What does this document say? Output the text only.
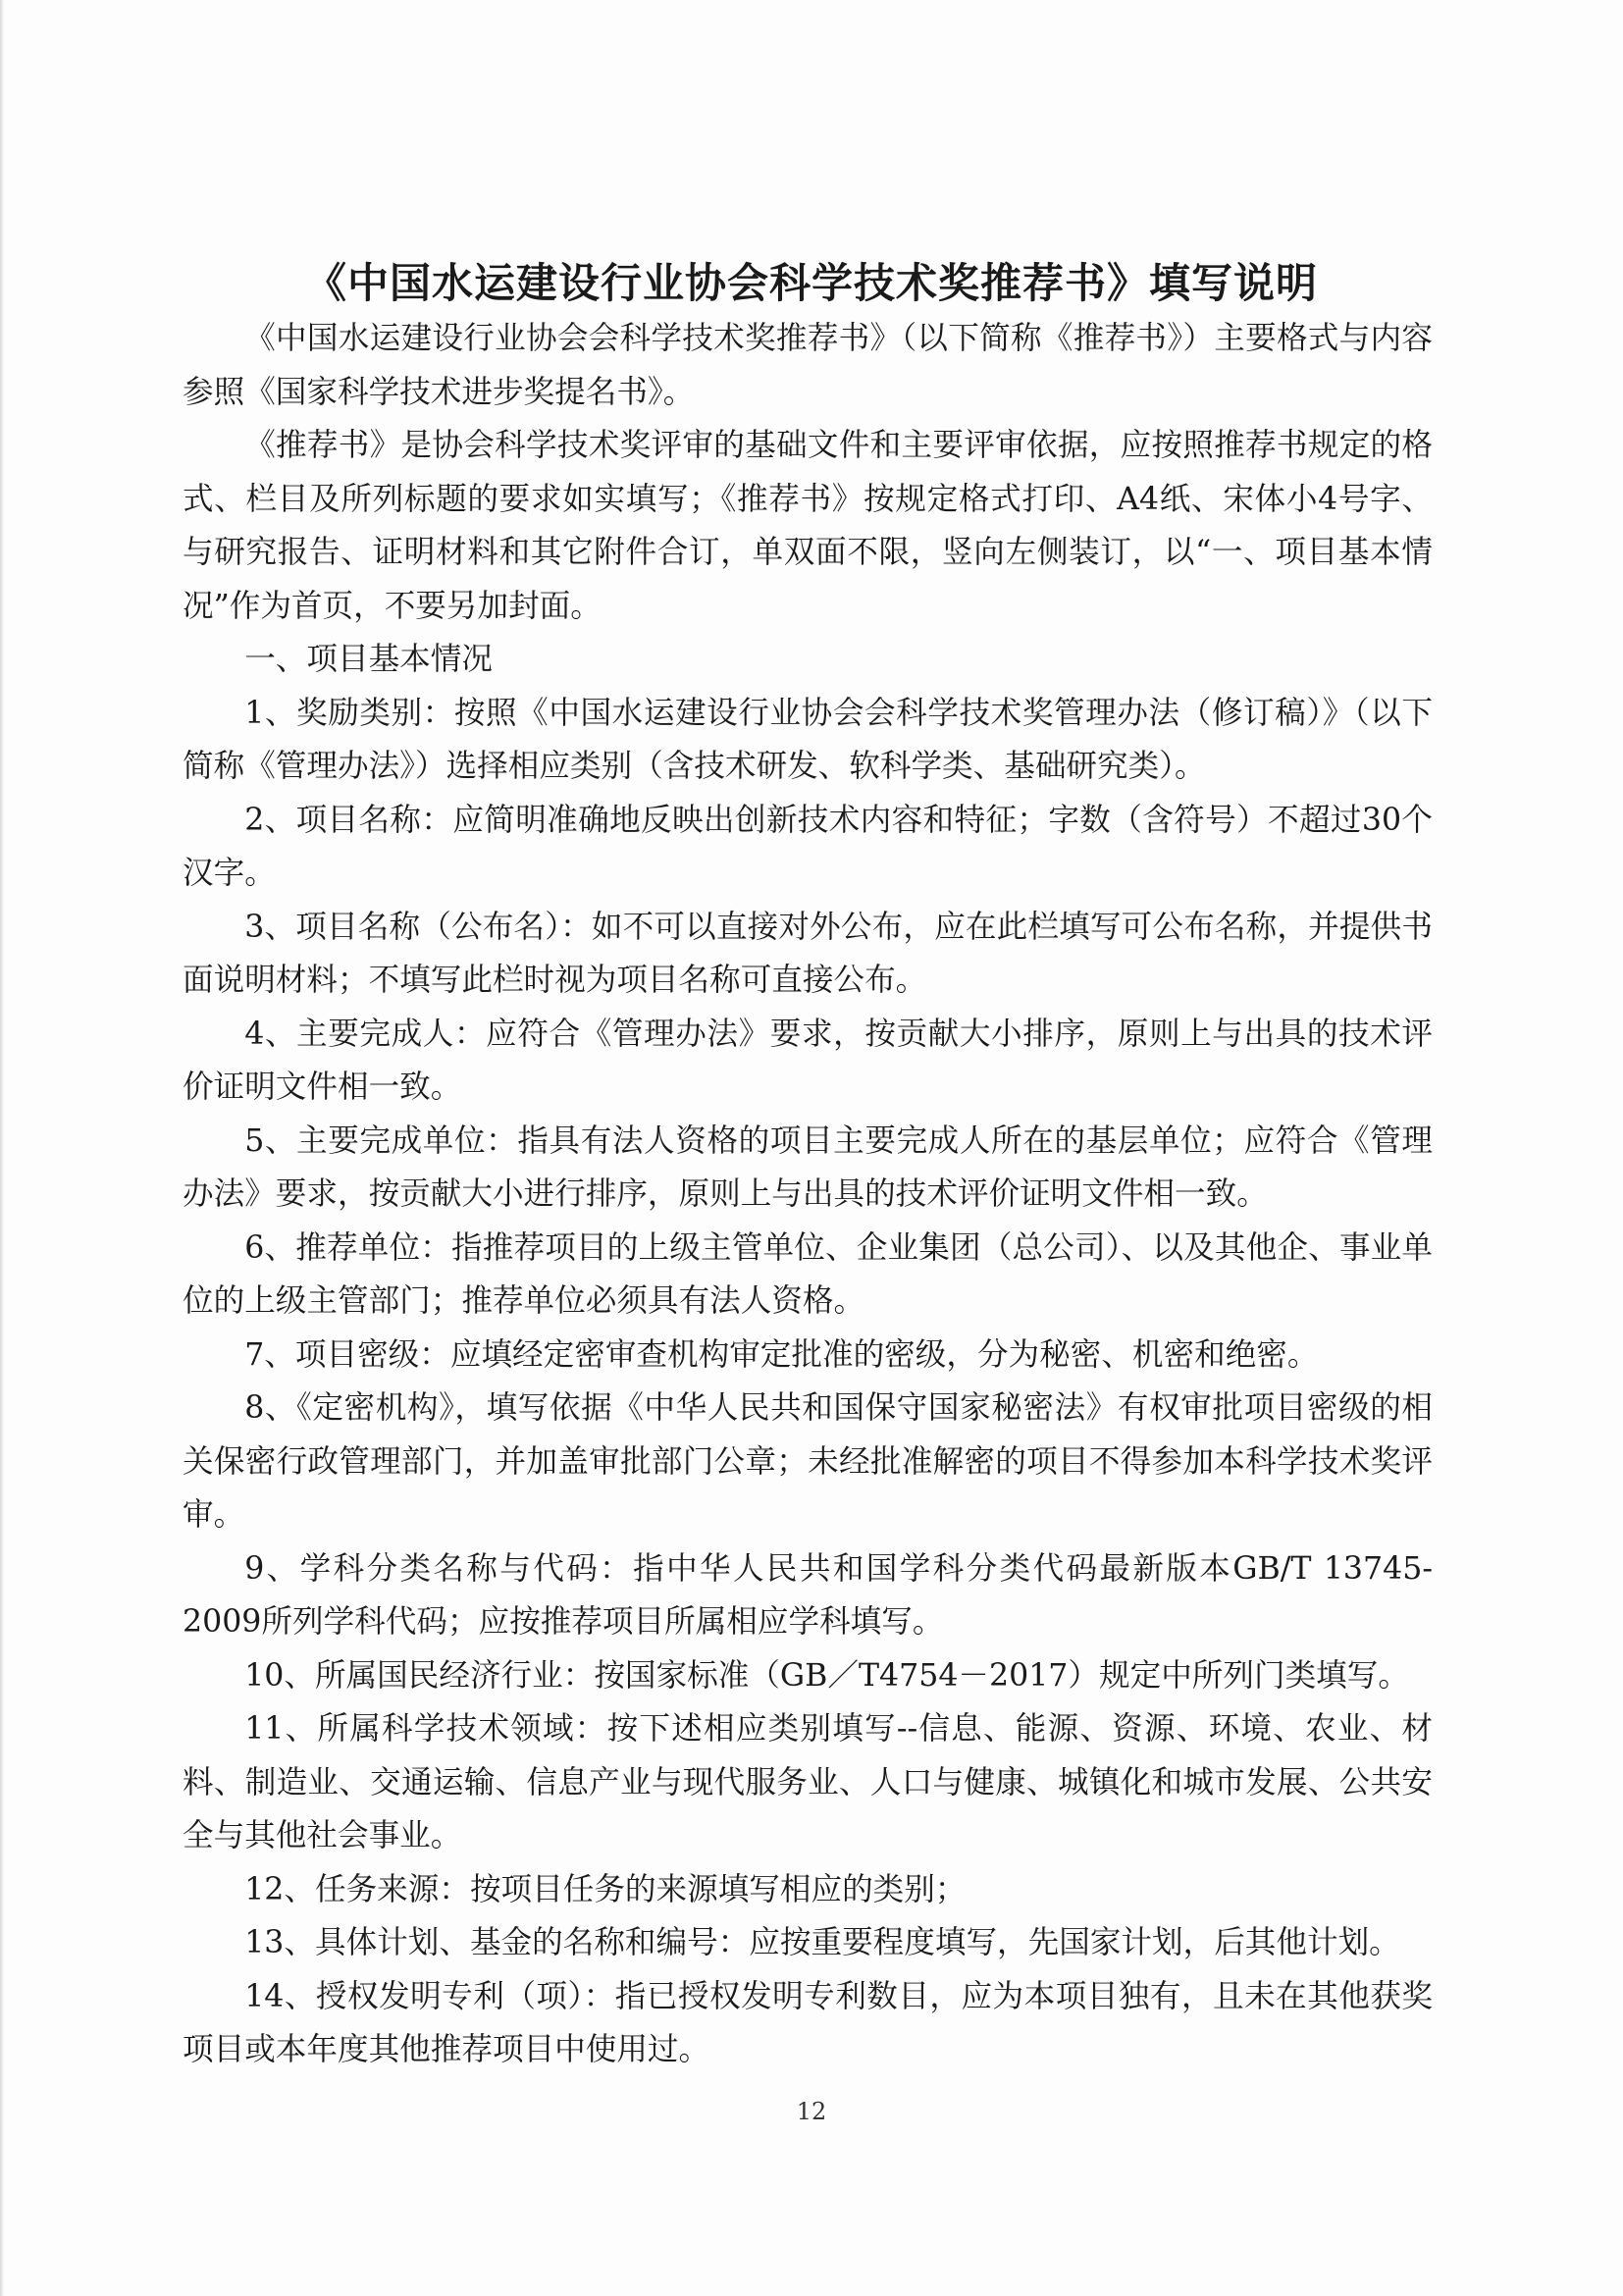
《中国水运建设行业协会科学技术奖推荐书》填写说明

《中国水运建设行业协会会科学技术奖推荐书》（以下简称《推荐书》）主要格式与内容参照《国家科学技术进步奖提名书》。

《推荐书》是协会科学技术奖评审的基础文件和主要评审依据，应按照推荐书规定的格式、栏目及所列标题的要求如实填写；《推荐书》按规定格式打印、A4纸、宋体小4号字、与研究报告、证明材料和其它附件合订，单双面不限，竖向左侧装订，以“一、项目基本情况”作为首页，不要另加封面。

一、项目基本情况

1、奖励类别：按照《中国水运建设行业协会会科学技术奖管理办法（修订稿）》（以下简称《管理办法》）选择相应类别（含技术研发、软科学类、基础研究类）。

2、项目名称：应简明准确地反映出创新技术内容和特征；字数（含符号）不超过30个汉字。

3、项目名称（公布名）：如不可以直接对外公布，应在此栏填写可公布名称，并提供书面说明材料；不填写此栏时视为项目名称可直接公布。

4、主要完成人：应符合《管理办法》要求，按贡献大小排序，原则上与出具的技术评价证明文件相一致。

5、主要完成单位：指具有法人资格的项目主要完成人所在的基层单位；应符合《管理办法》要求，按贡献大小进行排序，原则上与出具的技术评价证明文件相一致。

6、推荐单位：指推荐项目的上级主管单位、企业集团（总公司）、以及其他企、事业单位的上级主管部门；推荐单位必须具有法人资格。

7、项目密级：应填经定密审查机构审定批准的密级，分为秘密、机密和绝密。

8、《定密机构》，填写依据《中华人民共和国保守国家秘密法》有权审批项目密级的相关保密行政管理部门，并加盖审批部门公章；未经批准解密的项目不得参加本科学技术奖评审。

9、学科分类名称与代码：指中华人民共和国学科分类代码最新版本GB/T 13745-2009所列学科代码；应按推荐项目所属相应学科填写。

10、所属国民经济行业：按国家标准（GB／T4754－2017）规定中所列门类填写。

11、所属科学技术领域：按下述相应类别填写--信息、能源、资源、环境、农业、材料、制造业、交通运输、信息产业与现代服务业、人口与健康、城镇化和城市发展、公共安全与其他社会事业。

12、任务来源：按项目任务的来源填写相应的类别；

13、具体计划、基金的名称和编号：应按重要程度填写，先国家计划，后其他计划。

14、授权发明专利（项）：指已授权发明专利数目，应为本项目独有，且未在其他获奖项目或本年度其他推荐项目中使用过。

12
